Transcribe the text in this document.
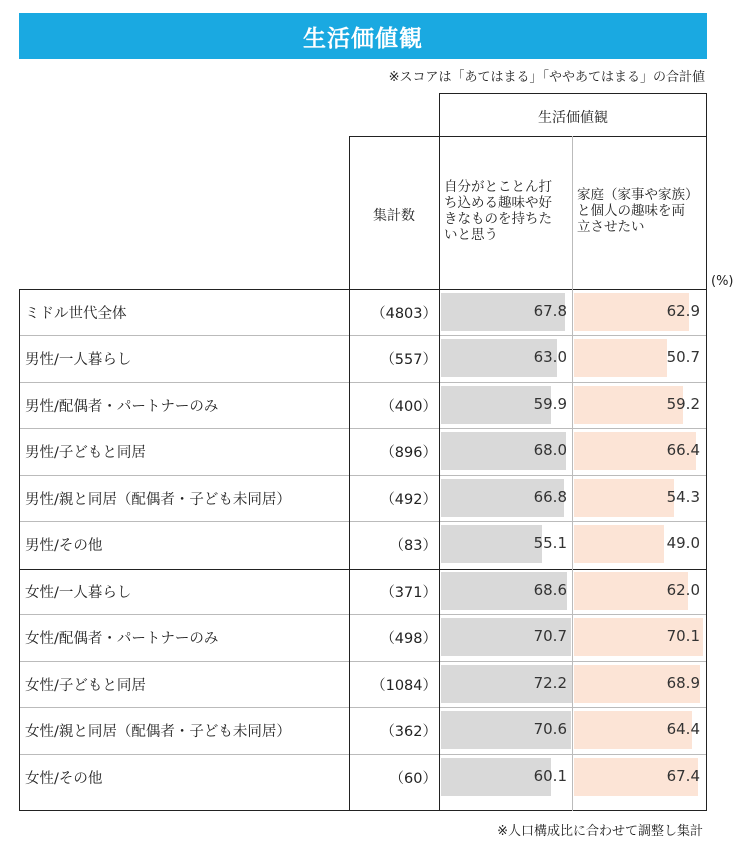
生活価値観
※スコアは「あてはまる」「ややあてはまる」の合計値
生活価値観
集計数
自分がとことん打
ち込める趣味や好
きなものを持ちた
いと思う
家庭（家事や家族）
と個人の趣味を両
立させたい
ミドル世代全体	（4803）	67.8	62.9
男性/一人暮らし	（557）	63.0	50.7
男性/配偶者・パートナーのみ	（400）	59.9	59.2
男性/子どもと同居	（896）	68.0	66.4
男性/親と同居（配偶者・子ども未同居）	（492）	66.8	54.3
男性/その他	（83）	55.1	49.0
女性/一人暮らし	（371）	68.6	62.0
女性/配偶者・パートナーのみ	（498）	70.7	70.1
女性/子どもと同居	（1084）	72.2	68.9
女性/親と同居（配偶者・子ども未同居）	（362）	70.6	64.4
女性/その他	（60）	60.1	67.4
(%)
※人口構成比に合わせて調整し集計
